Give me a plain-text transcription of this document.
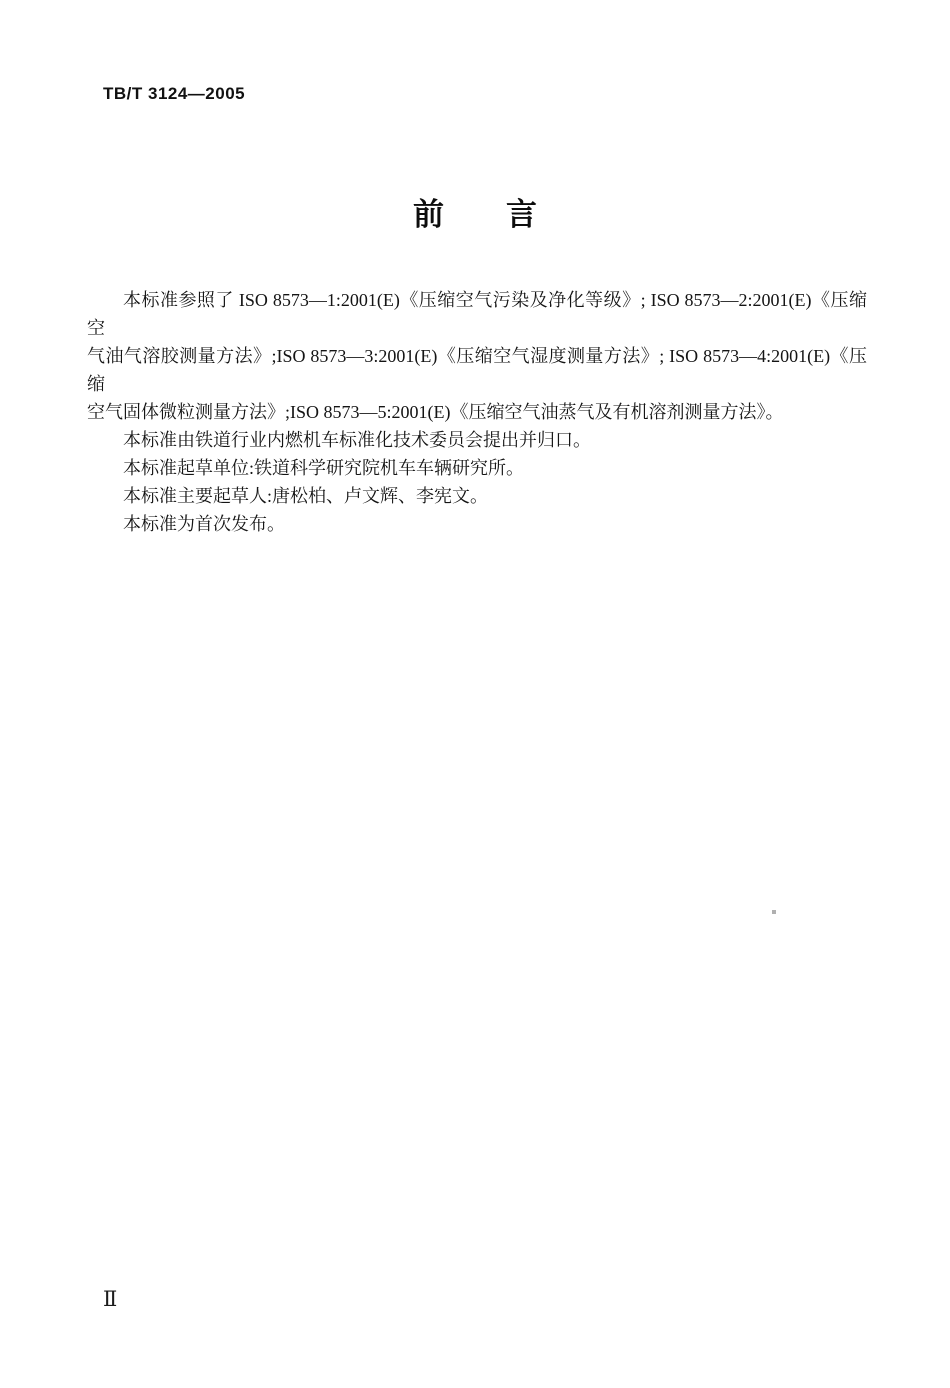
TB/T 3124—2005
前　　言
本标准参照了 ISO 8573—1:2001(E)《压缩空气污染及净化等级》; ISO 8573—2:2001(E)《压缩空
气油气溶胶测量方法》;ISO 8573—3:2001(E)《压缩空气湿度测量方法》; ISO 8573—4:2001(E)《压缩
空气固体微粒测量方法》;ISO 8573—5:2001(E)《压缩空气油蒸气及有机溶剂测量方法》。
本标准由铁道行业内燃机车标准化技术委员会提出并归口。
本标准起草单位:铁道科学研究院机车车辆研究所。
本标准主要起草人:唐松柏、卢文辉、李宪文。
本标准为首次发布。
Ⅱ
